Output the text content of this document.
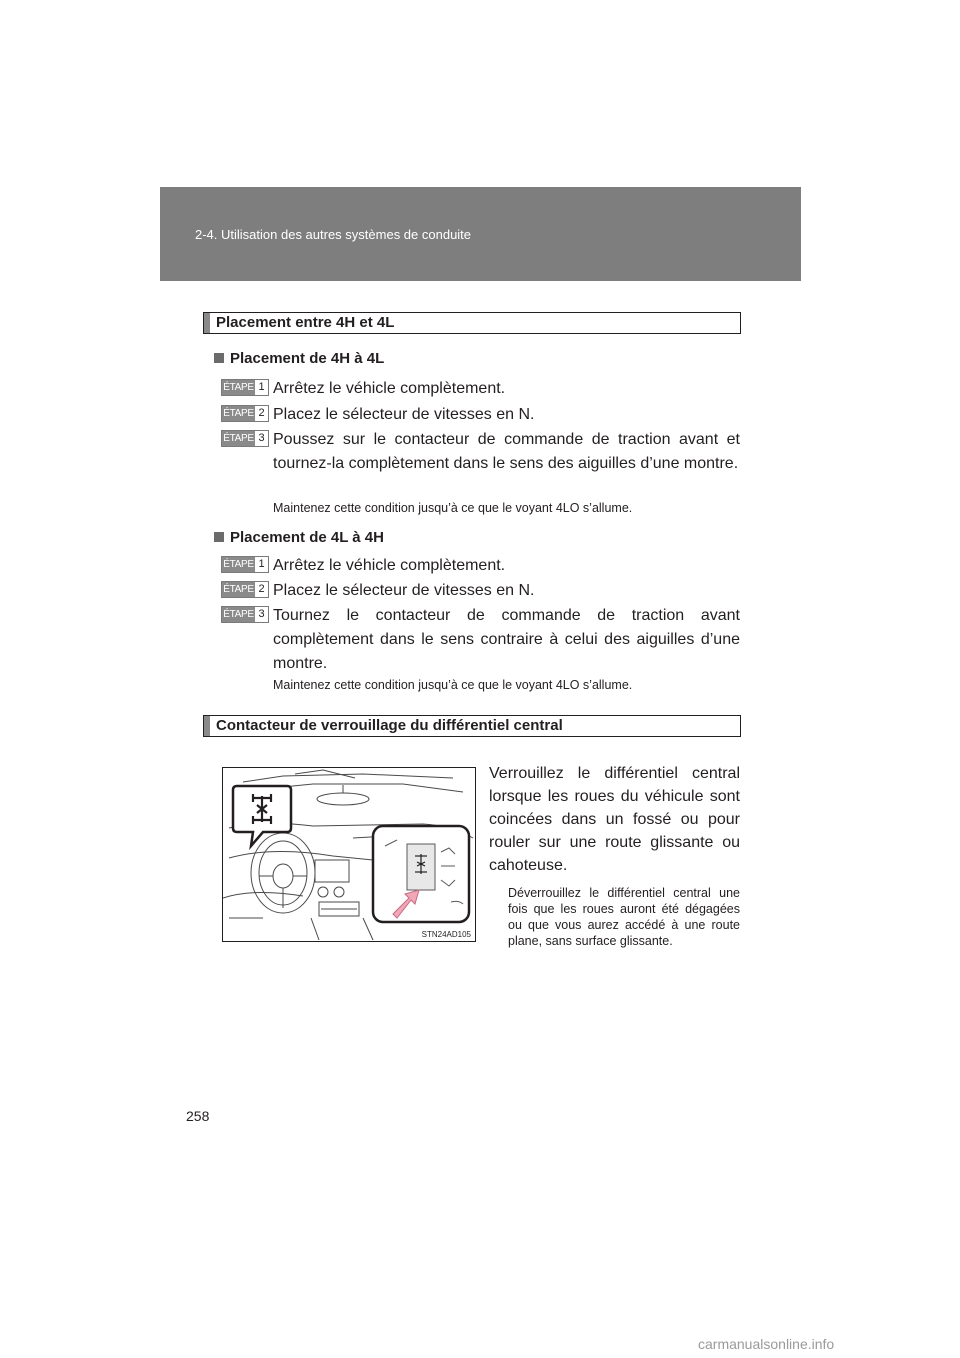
2-4. Utilisation des autres systèmes de conduite
Placement entre 4H et 4L
Placement de 4H à 4L
ÉTAPE 1 Arrêtez le véhicle complètement.
ÉTAPE 2 Placez le sélecteur de vitesses en N.
ÉTAPE 3 Poussez sur le contacteur de commande de traction avant et tournez-la complètement dans le sens des aiguilles d’une montre.
Maintenez cette condition jusqu’à ce que le voyant 4LO s’allume.
Placement de 4L à 4H
ÉTAPE 1 Arrêtez le véhicle complètement.
ÉTAPE 2 Placez le sélecteur de vitesses en N.
ÉTAPE 3 Tournez le contacteur de commande de traction avant complètement dans le sens contraire à celui des aiguilles d’une montre.
Maintenez cette condition jusqu’à ce que le voyant 4LO s’allume.
Contacteur de verrouillage du différentiel central
STN24AD105
Verrouillez le différentiel central lorsque les roues du véhicule sont coincées dans un fossé ou pour rouler sur une route glissante ou cahoteuse.
Déverrouillez le différentiel central une fois que les roues auront été dégagées ou que vous aurez accédé à une route plane, sans surface glissante.
258
carmanualsonline.info
